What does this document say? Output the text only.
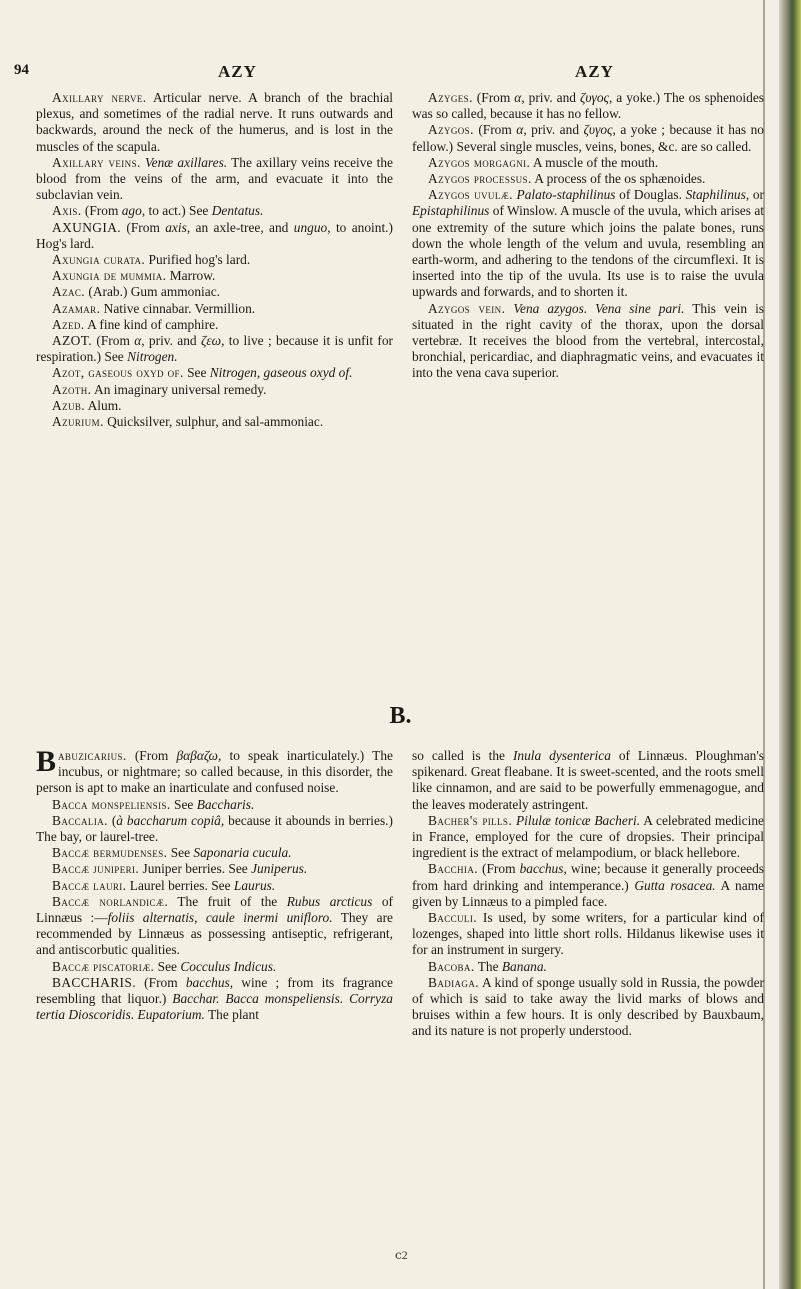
94	AZY	AZY

Axillary nerve. Articular nerve. A branch of the brachial plexus, and sometimes of the radial nerve. It runs outwards and backwards, around the neck of the humerus, and is lost in the muscles of the scapula.

Axillary veins. Venæ axillares. The axillary veins receive the blood from the veins of the arm, and evacuate it into the subclavian vein.

Axis. (From ago, to act.) See Dentatus.

AXUNGIA. (From axis, an axle-tree, and unguo, to anoint.) Hog's lard.

Axungia curata. Purified hog's lard.

Axungia de mummia. Marrow.

Azac. (Arab.) Gum ammoniac.

Azamar. Native cinnabar. Vermillion.

Azed. A fine kind of camphire.

AZOT. (From α, priv. and ζεω, to live ; because it is unfit for respiration.) See Nitrogen.

Azot, gaseous oxyd of. See Nitrogen, gaseous oxyd of.

Azoth. An imaginary universal remedy.

Azub. Alum.

Azurium. Quicksilver, sulphur, and sal-ammoniac.

Azyges. (From α, priv. and ζυγος, a yoke.) The os sphenoides was so called, because it has no fellow.

Azygos. (From α, priv. and ζυγος, a yoke ; because it has no fellow.) Several single muscles, veins, bones, &c. are so called.

Azygos morgagni. A muscle of the mouth.

Azygos processus. A process of the os sphænoides.

Azygos uvulæ. Palato-staphilinus of Douglas. Staphilinus, or Epistaphilinus of Winslow. A muscle of the uvula, which arises at one extremity of the suture which joins the palate bones, runs down the whole length of the velum and uvula, resembling an earth-worm, and adhering to the tendons of the circumflexi. It is inserted into the tip of the uvula. Its use is to raise the uvula upwards and forwards, and to shorten it.

Azygos vein. Vena azygos. Vena sine pari. This vein is situated in the right cavity of the thorax, upon the dorsal vertebræ. It receives the blood from the vertebral, intercostal, bronchial, pericardiac, and diaphragmatic veins, and evacuates it into the vena cava superior.

B.

Babuzicarius. (From βαβαζω, to speak inarticulately.) The incubus, or nightmare; so called because, in this disorder, the person is apt to make an inarticulate and confused noise.

Bacca monspeliensis. See Baccharis.

Baccalia. (à baccharum copiâ, because it abounds in berries.) The bay, or laurel-tree.

Baccæ bermudenses. See Saponaria cucula.

Baccæ juniperi. Juniper berries. See Juniperus.

Baccæ lauri. Laurel berries. See Laurus.

Baccæ norlandicæ. The fruit of the Rubus arcticus of Linnæus :—foliis alternatis, caule inermi unifloro. They are recommended by Linnæus as possessing antiseptic, refrigerant, and antiscorbutic qualities.

Baccæ piscatoriæ. See Cocculus Indicus.

BACCHARIS. (From bacchus, wine ; from its fragrance resembling that liquor.) Bacchar. Bacca monspeliensis. Corryza tertia Dioscoridis. Eupatorium. The plant

so called is the Inula dysenterica of Linnæus. Ploughman's spikenard. Great fleabane. It is sweet-scented, and the roots smell like cinnamon, and are said to be powerfully emmenagogue, and the leaves moderately astringent.

Bacher's pills. Pilulæ tonicæ Bacheri. A celebrated medicine in France, employed for the cure of dropsies. Their principal ingredient is the extract of melampodium, or black hellebore.

Bacchia. (From bacchus, wine; because it generally proceeds from hard drinking and intemperance.) Gutta rosacea. A name given by Linnæus to a pimpled face.

Bacculi. Is used, by some writers, for a particular kind of lozenges, shaped into little short rolls. Hildanus likewise uses it for an instrument in surgery.

Bacoba. The Banana.

Badiaga. A kind of sponge usually sold in Russia, the powder of which is said to take away the livid marks of blows and bruises within a few hours. It is only described by Bauxbaum, and its nature is not properly understood.

ⅽ2
